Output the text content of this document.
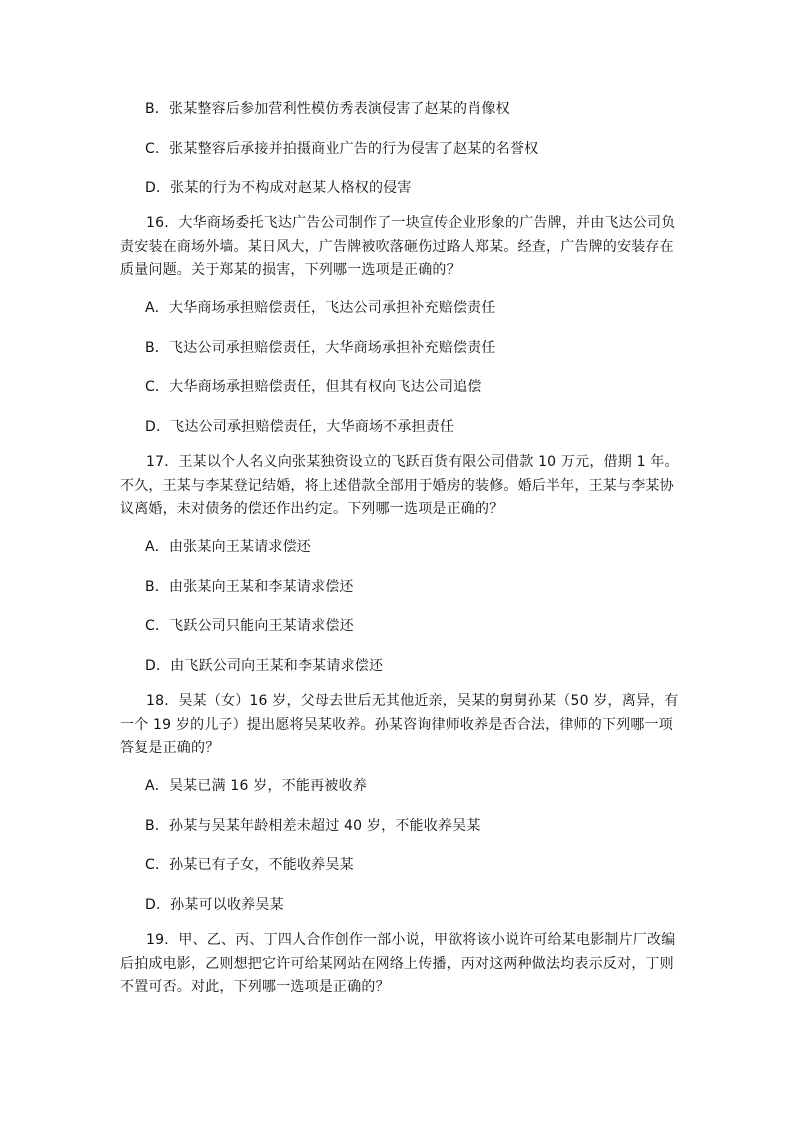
B．张某整容后参加营利性模仿秀表演侵害了赵某的肖像权
C．张某整容后承接并拍摄商业广告的行为侵害了赵某的名誉权
D．张某的行为不构成对赵某人格权的侵害
16．大华商场委托飞达广告公司制作了一块宣传企业形象的广告牌，并由飞达公司负责安装在商场外墙。某日风大，广告牌被吹落砸伤过路人郑某。经查，广告牌的安装存在质量问题。关于郑某的损害，下列哪一选项是正确的？
A．大华商场承担赔偿责任，飞达公司承担补充赔偿责任
B．飞达公司承担赔偿责任，大华商场承担补充赔偿责任
C．大华商场承担赔偿责任，但其有权向飞达公司追偿
D．飞达公司承担赔偿责任，大华商场不承担责任
17．王某以个人名义向张某独资设立的飞跃百货有限公司借款 10 万元，借期 1 年。不久，王某与李某登记结婚，将上述借款全部用于婚房的装修。婚后半年，王某与李某协议离婚，未对债务的偿还作出约定。下列哪一选项是正确的？
A．由张某向王某请求偿还
B．由张某向王某和李某请求偿还
C．飞跃公司只能向王某请求偿还
D．由飞跃公司向王某和李某请求偿还
18．吴某（女）16 岁，父母去世后无其他近亲，吴某的舅舅孙某（50 岁，离异，有一个 19 岁的儿子）提出愿将吴某收养。孙某咨询律师收养是否合法，律师的下列哪一项答复是正确的？
A．吴某已满 16 岁，不能再被收养
B．孙某与吴某年龄相差未超过 40 岁，不能收养吴某
C．孙某已有子女，不能收养吴某
D．孙某可以收养吴某
19．甲、乙、丙、丁四人合作创作一部小说，甲欲将该小说许可给某电影制片厂改编后拍成电影，乙则想把它许可给某网站在网络上传播，丙对这两种做法均表示反对，丁则不置可否。对此，下列哪一选项是正确的？
